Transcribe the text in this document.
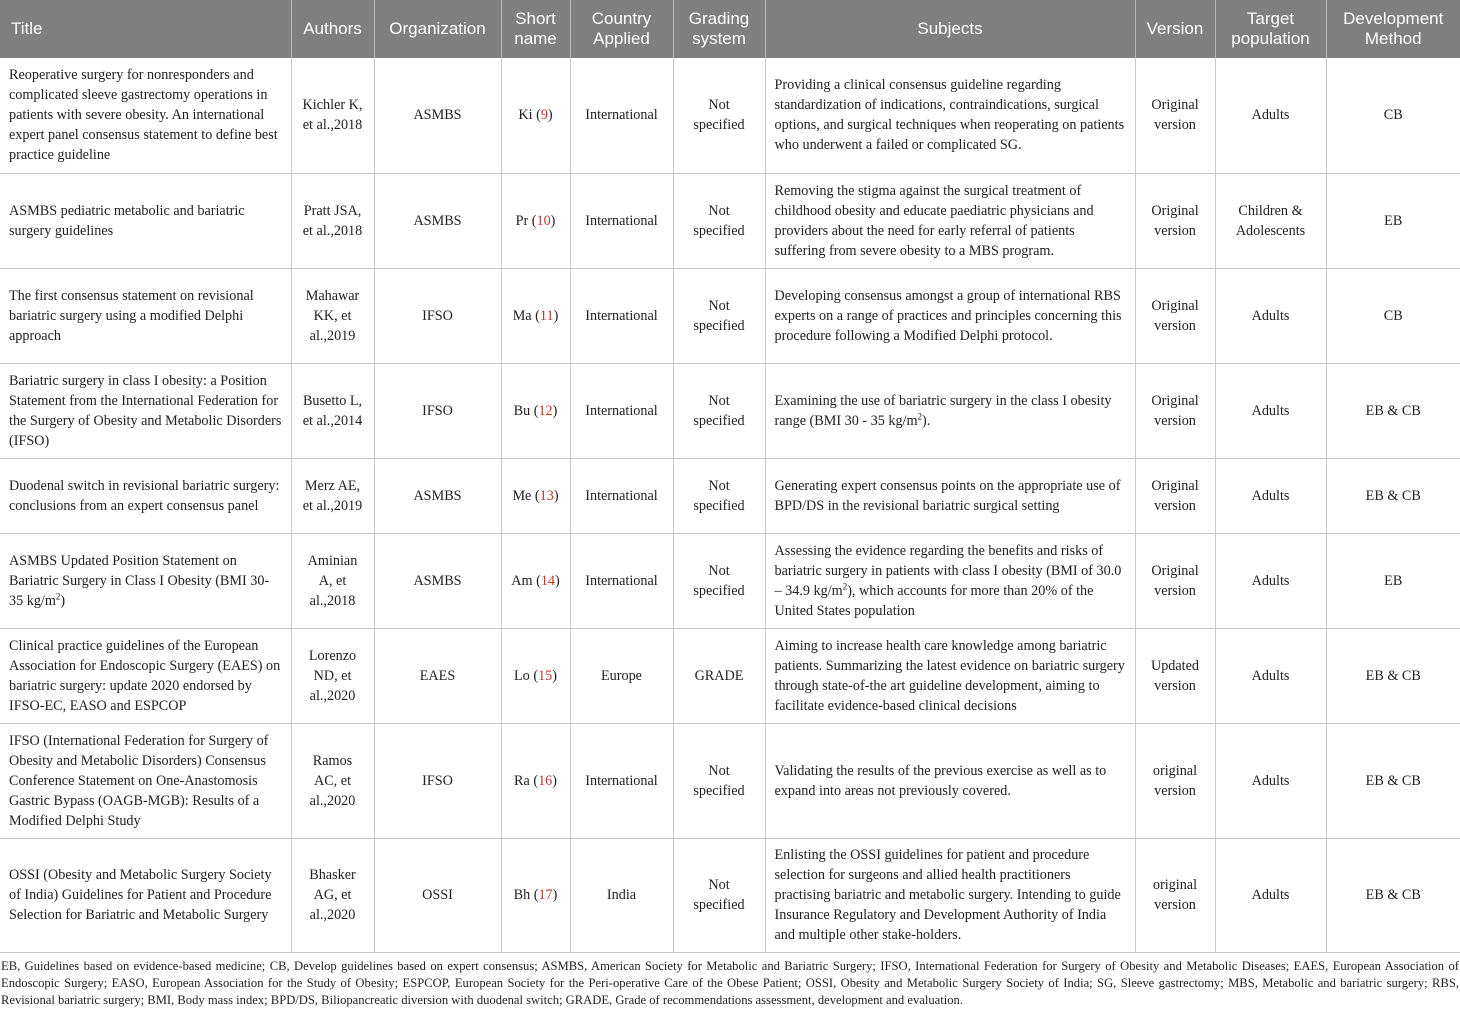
Title	Authors	Organization	Short name	Country Applied	Grading system	Subjects	Version	Target population	Development Method
Reoperative surgery for nonresponders and complicated sleeve gastrectomy operations in patients with severe obesity. An international expert panel consensus statement to define best practice guideline	Kichler K, et al.,2018	ASMBS	Ki (9)	International	Not specified	Providing a clinical consensus guideline regarding standardization of indications, contraindications, surgical options, and surgical techniques when reoperating on patients who underwent a failed or complicated SG.	Original version	Adults	CB
ASMBS pediatric metabolic and bariatric surgery guidelines	Pratt JSA, et al.,2018	ASMBS	Pr (10)	International	Not specified	Removing the stigma against the surgical treatment of childhood obesity and educate paediatric physicians and providers about the need for early referral of patients suffering from severe obesity to a MBS program.	Original version	Children & Adolescents	EB
The first consensus statement on revisional bariatric surgery using a modified Delphi approach	Mahawar KK, et al.,2019	IFSO	Ma (11)	International	Not specified	Developing consensus amongst a group of international RBS experts on a range of practices and principles concerning this procedure following a Modified Delphi protocol.	Original version	Adults	CB
Bariatric surgery in class I obesity: a Position Statement from the International Federation for the Surgery of Obesity and Metabolic Disorders (IFSO)	Busetto L, et al.,2014	IFSO	Bu (12)	International	Not specified	Examining the use of bariatric surgery in the class I obesity range (BMI 30 - 35 $kg/m^2$).	Original version	Adults	EB & CB
Duodenal switch in revisional bariatric surgery: conclusions from an expert consensus panel	Merz AE, et al.,2019	ASMBS	Me (13)	International	Not specified	Generating expert consensus points on the appropriate use of BPD/DS in the revisional bariatric surgical setting	Original version	Adults	EB & CB
ASMBS Updated Position Statement on Bariatric Surgery in Class I Obesity (BMI 30-35 $kg/m^2$)	Aminian A, et al.,2018	ASMBS	Am (14)	International	Not specified	Assessing the evidence regarding the benefits and risks of bariatric surgery in patients with class I obesity (BMI of 30.0 – 34.9 $kg/m^2$), which accounts for more than 20% of the United States population	Original version	Adults	EB
Clinical practice guidelines of the European Association for Endoscopic Surgery (EAES) on bariatric surgery: update 2020 endorsed by IFSO-EC, EASO and ESPCOP	Lorenzo ND, et al.,2020	EAES	Lo (15)	Europe	GRADE	Aiming to increase health care knowledge among bariatric patients. Summarizing the latest evidence on bariatric surgery through state-of-the art guideline development, aiming to facilitate evidence-based clinical decisions	Updated version	Adults	EB & CB
IFSO (International Federation for Surgery of Obesity and Metabolic Disorders) Consensus Conference Statement on One-Anastomosis Gastric Bypass (OAGB-MGB): Results of a Modified Delphi Study	Ramos AC, et al.,2020	IFSO	Ra (16)	International	Not specified	Validating the results of the previous exercise as well as to expand into areas not previously covered.	original version	Adults	EB & CB
OSSI (Obesity and Metabolic Surgery Society of India) Guidelines for Patient and Procedure Selection for Bariatric and Metabolic Surgery	Bhasker AG, et al.,2020	OSSI	Bh (17)	India	Not specified	Enlisting the OSSI guidelines for patient and procedure selection for surgeons and allied health practitioners practising bariatric and metabolic surgery. Intending to guide Insurance Regulatory and Development Authority of India and multiple other stake-holders.	original version	Adults	EB & CB

EB, Guidelines based on evidence-based medicine; CB, Develop guidelines based on expert consensus; ASMBS, American Society for Metabolic and Bariatric Surgery; IFSO, International Federation for Surgery of Obesity and Metabolic Diseases; EAES, European Association of Endoscopic Surgery; EASO, European Association for the Study of Obesity; ESPCOP, European Society for the Peri-operative Care of the Obese Patient; OSSI, Obesity and Metabolic Surgery Society of India; SG, Sleeve gastrectomy; MBS, Metabolic and bariatric surgery; RBS, Revisional bariatric surgery; BMI, Body mass index; BPD/DS, Biliopancreatic diversion with duodenal switch; GRADE, Grade of recommendations assessment, development and evaluation.
